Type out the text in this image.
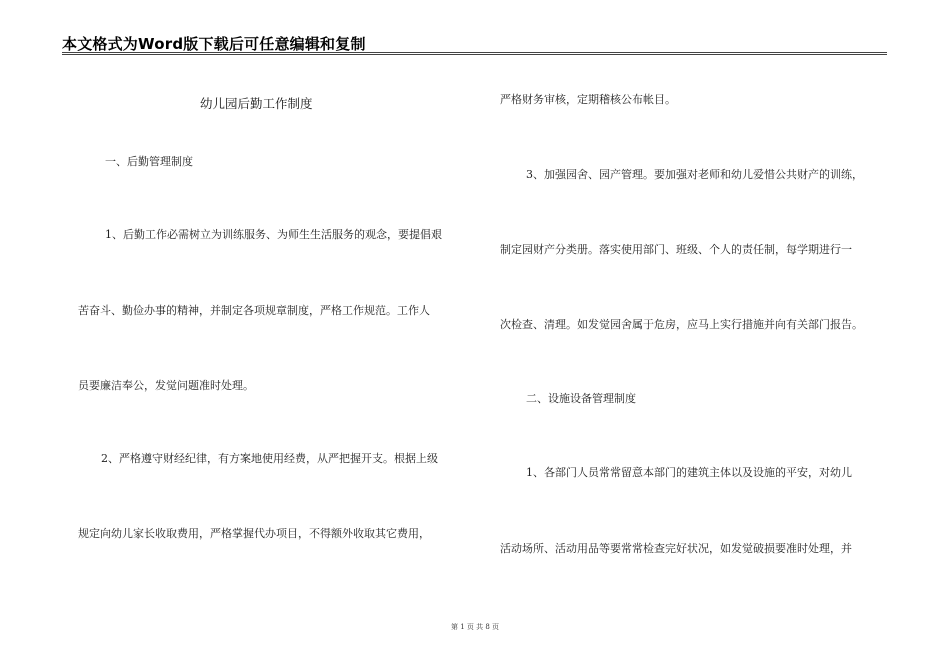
本文格式为Word版下载后可任意编辑和复制
幼儿园后勤工作制度
一、后勤管理制度
1、后勤工作必需树立为训练服务、为师生生活服务的观念，要提倡艰
苦奋斗、勤俭办事的精神，并制定各项规章制度，严格工作规范。工作人
员要廉洁奉公，发觉问题准时处理。
2、严格遵守财经纪律，有方案地使用经费，从严把握开支。根据上级
规定向幼儿家长收取费用，严格掌握代办项目，不得额外收取其它费用，
严格财务审核，定期稽核公布帐目。
3、加强园舍、园产管理。要加强对老师和幼儿爱惜公共财产的训练，
制定园财产分类册。落实使用部门、班级、个人的责任制，每学期进行一
次检查、清理。如发觉园舍属于危房，应马上实行措施并向有关部门报告。
二、设施设备管理制度
1、各部门人员常常留意本部门的建筑主体以及设施的平安，对幼儿
活动场所、活动用品等要常常检查完好状况，如发觉破损要准时处理，并
第 1 页 共 8 页
